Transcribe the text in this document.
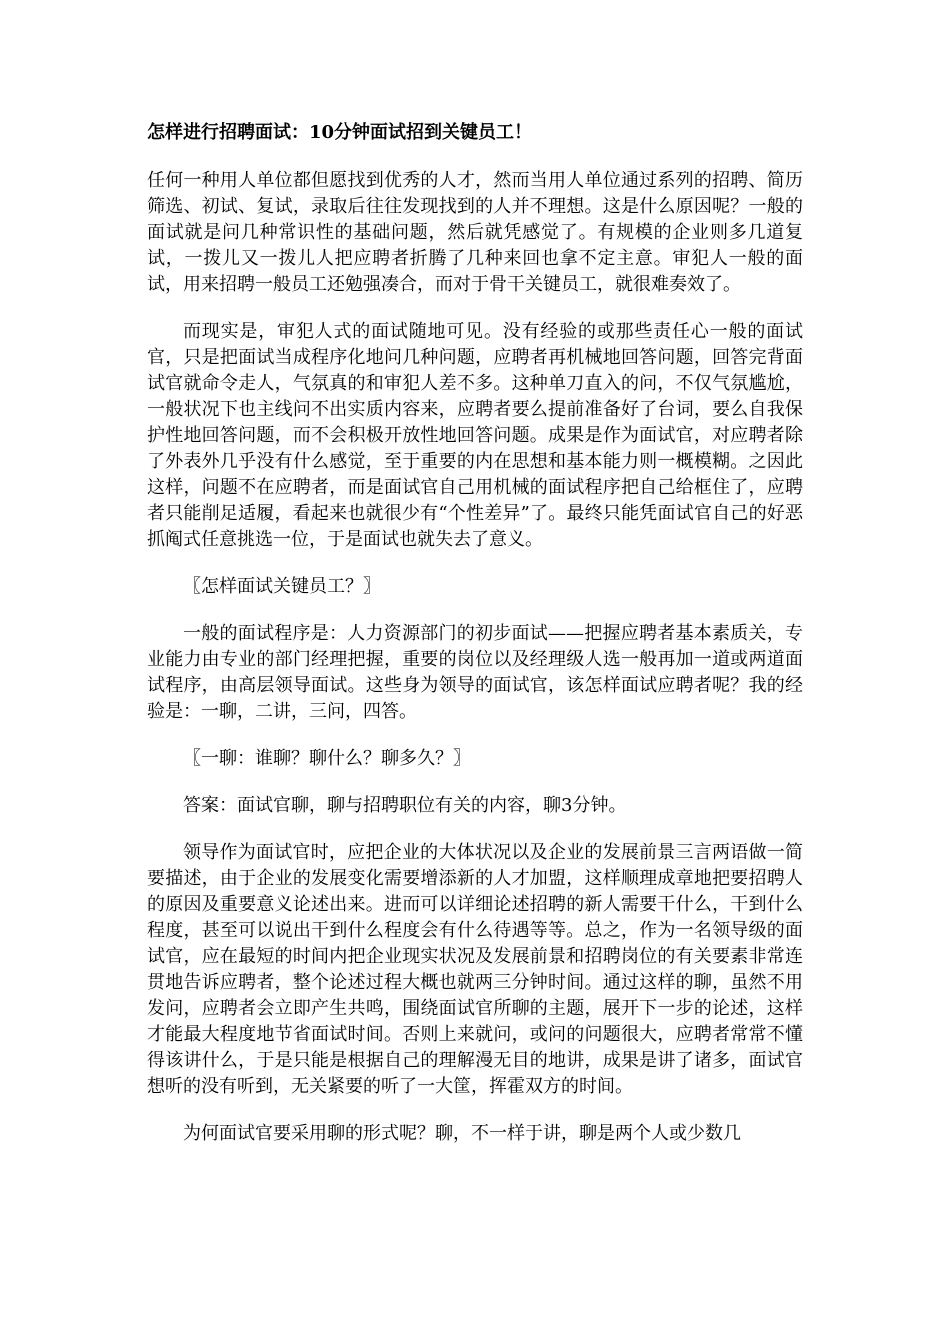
怎样进行招聘面试：10分钟面试招到关键员工！

任何一种用人单位都但愿找到优秀的人才，然而当用人单位通过系列的招聘、简历筛选、初试、复试，录取后往往发现找到的人并不理想。这是什么原因呢？一般的面试就是问几种常识性的基础问题，然后就凭感觉了。有规模的企业则多几道复试，一拨儿又一拨儿人把应聘者折腾了几种来回也拿不定主意。审犯人一般的面试，用来招聘一般员工还勉强凑合，而对于骨干关键员工，就很难奏效了。

而现实是，审犯人式的面试随地可见。没有经验的或那些责任心一般的面试官，只是把面试当成程序化地问几种问题，应聘者再机械地回答问题，回答完背面试官就命令走人，气氛真的和审犯人差不多。这种单刀直入的问，不仅气氛尴尬，一般状况下也主线问不出实质内容来，应聘者要么提前准备好了台词，要么自我保护性地回答问题，而不会积极开放性地回答问题。成果是作为面试官，对应聘者除了外表外几乎没有什么感觉，至于重要的内在思想和基本能力则一概模糊。之因此这样，问题不在应聘者，而是面试官自己用机械的面试程序把自己给框住了，应聘者只能削足适履，看起来也就很少有“个性差异”了。最终只能凭面试官自己的好恶抓阄式任意挑选一位，于是面试也就失去了意义。

〖怎样面试关键员工？〗

一般的面试程序是：人力资源部门的初步面试——把握应聘者基本素质关，专业能力由专业的部门经理把握，重要的岗位以及经理级人选一般再加一道或两道面试程序，由高层领导面试。这些身为领导的面试官，该怎样面试应聘者呢？我的经验是：一聊，二讲，三问，四答。

〖一聊：谁聊？聊什么？聊多久？〗

答案：面试官聊，聊与招聘职位有关的内容，聊3分钟。

领导作为面试官时，应把企业的大体状况以及企业的发展前景三言两语做一简要描述，由于企业的发展变化需要增添新的人才加盟，这样顺理成章地把要招聘人的原因及重要意义论述出来。进而可以详细论述招聘的新人需要干什么，干到什么程度，甚至可以说出干到什么程度会有什么待遇等等。总之，作为一名领导级的面试官，应在最短的时间内把企业现实状况及发展前景和招聘岗位的有关要素非常连贯地告诉应聘者，整个论述过程大概也就两三分钟时间。通过这样的聊，虽然不用发问，应聘者会立即产生共鸣，围绕面试官所聊的主题，展开下一步的论述，这样才能最大程度地节省面试时间。否则上来就问，或问的问题很大，应聘者常常不懂得该讲什么，于是只能是根据自己的理解漫无目的地讲，成果是讲了诸多，面试官想听的没有听到，无关紧要的听了一大筐，挥霍双方的时间。

为何面试官要采用聊的形式呢？聊，不一样于讲，聊是两个人或少数几
